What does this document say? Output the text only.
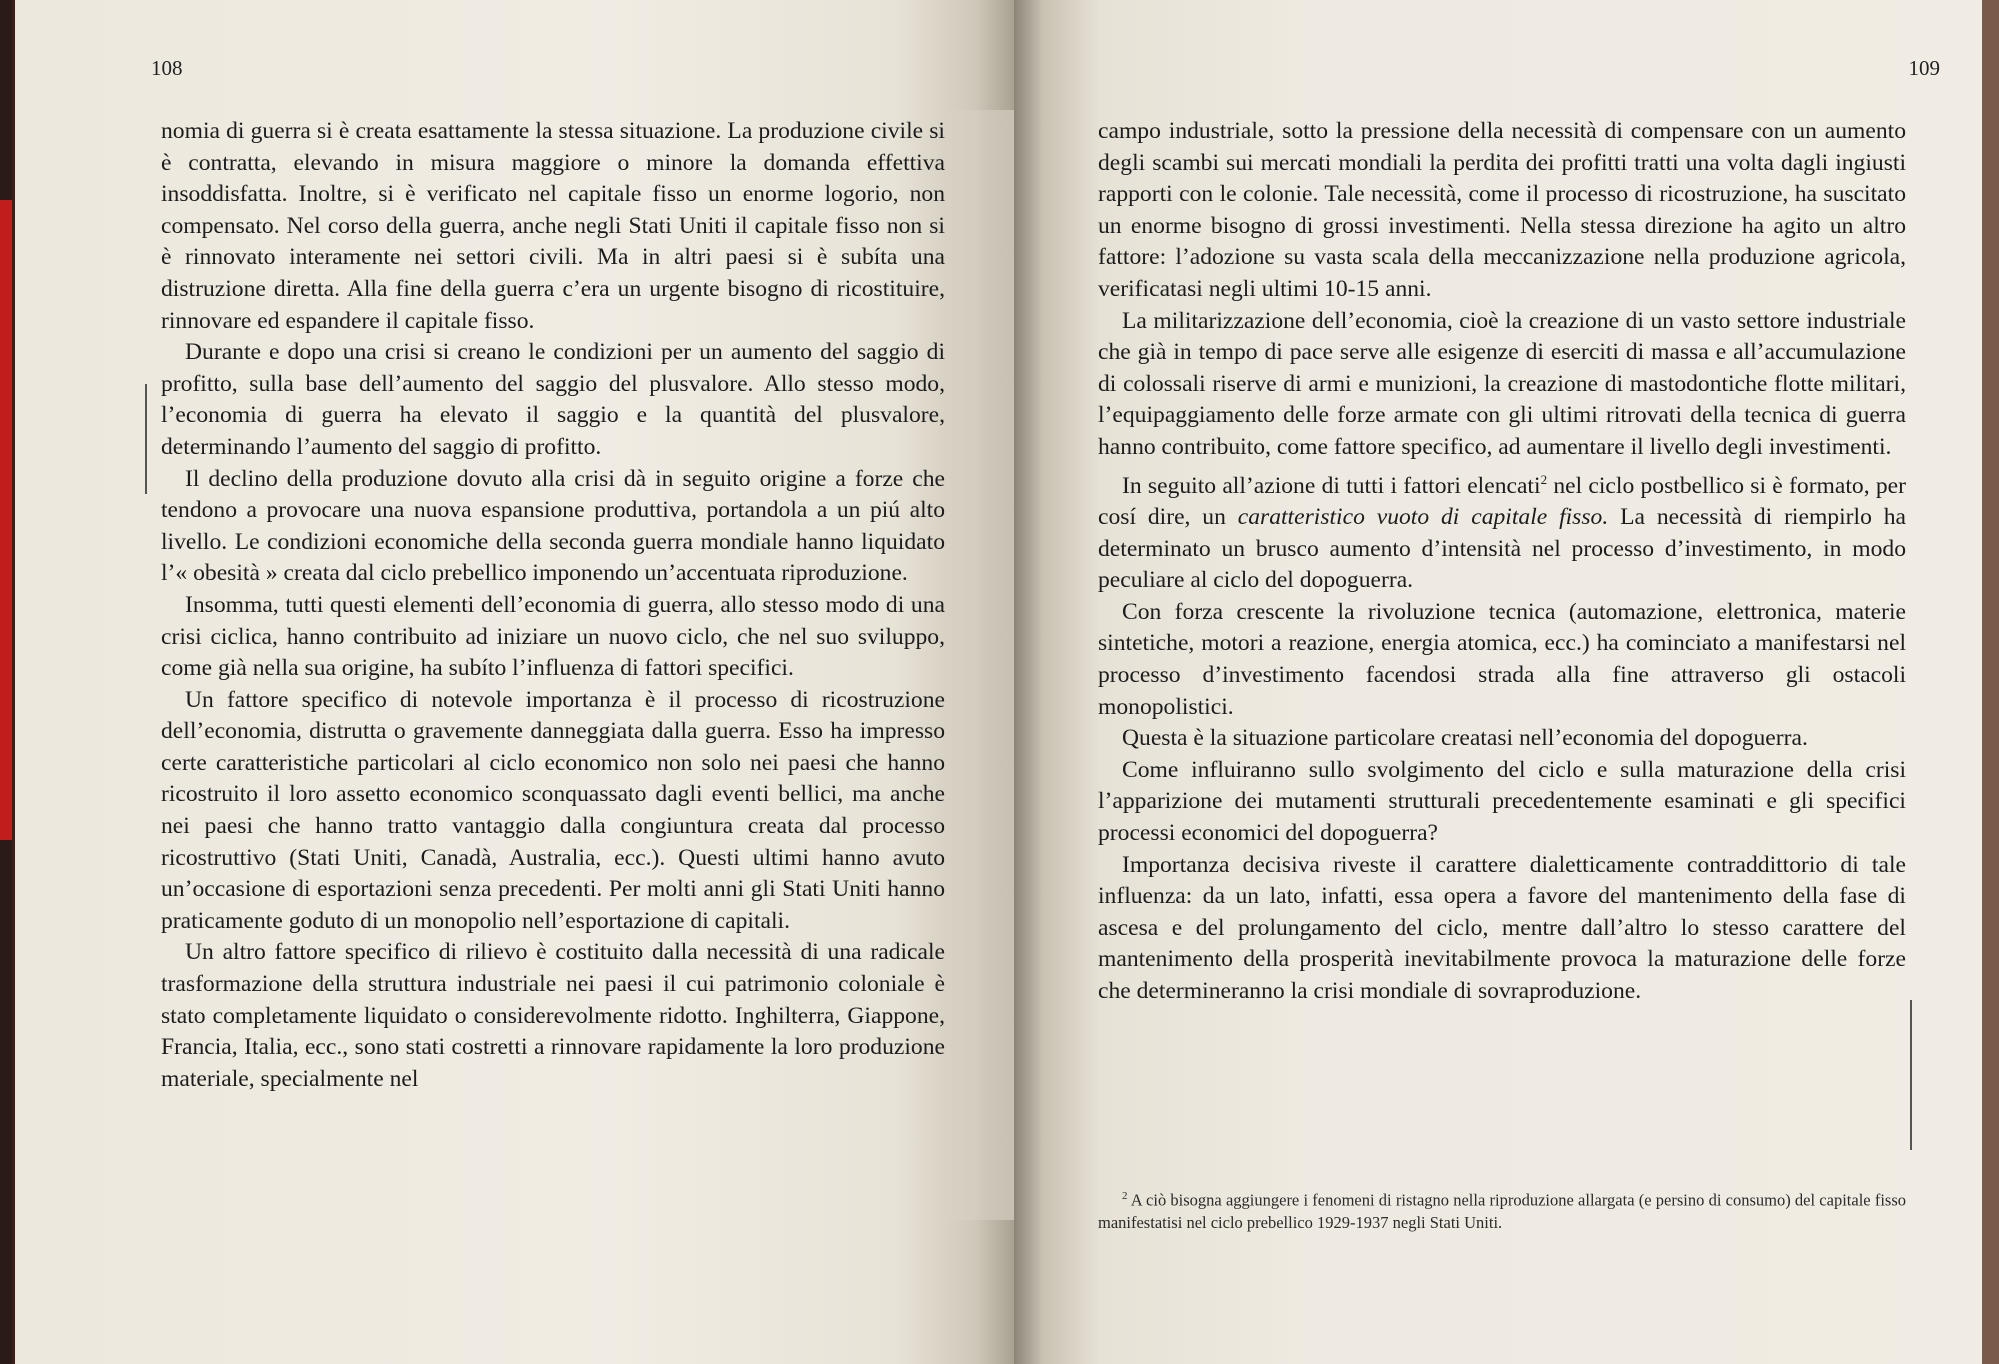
108

nomia di guerra si è creata esattamente la stessa situazione. La produzione civile si è contratta, elevando in misura maggiore o minore la domanda effettiva insoddisfatta. Inoltre, si è verificato nel capitale fisso un enorme logorio, non compensato. Nel corso della guerra, anche negli Stati Uniti il capitale fisso non si è rinnovato interamente nei settori civili. Ma in altri paesi si è subíta una distruzione diretta. Alla fine della guerra c’era un urgente bisogno di ricostituire, rinnovare ed espandere il capitale fisso.

Durante e dopo una crisi si creano le condizioni per un aumento del saggio di profitto, sulla base dell’aumento del saggio del plusvalore. Allo stesso modo, l’economia di guerra ha elevato il saggio e la quantità del plusvalore, determinando l’aumento del saggio di profitto.

Il declino della produzione dovuto alla crisi dà in seguito origine a forze che tendono a provocare una nuova espansione produttiva, portandola a un piú alto livello. Le condizioni economiche della seconda guerra mondiale hanno liquidato l’« obesità » creata dal ciclo prebellico imponendo un’accentuata riproduzione.

Insomma, tutti questi elementi dell’economia di guerra, allo stesso modo di una crisi ciclica, hanno contribuito ad iniziare un nuovo ciclo, che nel suo sviluppo, come già nella sua origine, ha subíto l’influenza di fattori specifici.

Un fattore specifico di notevole importanza è il processo di ricostruzione dell’economia, distrutta o gravemente danneggiata dalla guerra. Esso ha impresso certe caratteristiche particolari al ciclo economico non solo nei paesi che hanno ricostruito il loro assetto economico sconquassato dagli eventi bellici, ma anche nei paesi che hanno tratto vantaggio dalla congiuntura creata dal processo ricostruttivo (Stati Uniti, Canadà, Australia, ecc.). Questi ultimi hanno avuto un’occasione di esportazioni senza precedenti. Per molti anni gli Stati Uniti hanno praticamente goduto di un monopolio nell’esportazione di capitali.

Un altro fattore specifico di rilievo è costituito dalla necessità di una radicale trasformazione della struttura industriale nei paesi il cui patrimonio coloniale è stato completamente liquidato o considerevolmente ridotto. Inghilterra, Giappone, Francia, Italia, ecc., sono stati costretti a rinnovare rapidamente la loro produzione materiale, specialmente nel

109

campo industriale, sotto la pressione della necessità di compensare con un aumento degli scambi sui mercati mondiali la perdita dei profitti tratti una volta dagli ingiusti rapporti con le colonie. Tale necessità, come il processo di ricostruzione, ha suscitato un enorme bisogno di grossi investimenti. Nella stessa direzione ha agito un altro fattore: l’adozione su vasta scala della meccanizzazione nella produzione agricola, verificatasi negli ultimi 10-15 anni.

La militarizzazione dell’economia, cioè la creazione di un vasto settore industriale che già in tempo di pace serve alle esigenze di eserciti di massa e all’accumulazione di colossali riserve di armi e munizioni, la creazione di mastodontiche flotte militari, l’equipaggiamento delle forze armate con gli ultimi ritrovati della tecnica di guerra hanno contribuito, come fattore specifico, ad aumentare il livello degli investimenti.

In seguito all’azione di tutti i fattori elencati$^2$ nel ciclo postbellico si è formato, per cosí dire, un caratteristico vuoto di capitale fisso. La necessità di riempirlo ha determinato un brusco aumento d’intensità nel processo d’investimento, in modo peculiare al ciclo del dopoguerra.

Con forza crescente la rivoluzione tecnica (automazione, elettronica, materie sintetiche, motori a reazione, energia atomica, ecc.) ha cominciato a manifestarsi nel processo d’investimento facendosi strada alla fine attraverso gli ostacoli monopolistici.

Questa è la situazione particolare creatasi nell’economia del dopoguerra.

Come influiranno sullo svolgimento del ciclo e sulla maturazione della crisi l’apparizione dei mutamenti strutturali precedentemente esaminati e gli specifici processi economici del dopoguerra?

Importanza decisiva riveste il carattere dialetticamente contraddittorio di tale influenza: da un lato, infatti, essa opera a favore del mantenimento della fase di ascesa e del prolungamento del ciclo, mentre dall’altro lo stesso carattere del mantenimento della prosperità inevitabilmente provoca la maturazione delle forze che determineranno la crisi mondiale di sovraproduzione.

$^2$ A ciò bisogna aggiungere i fenomeni di ristagno nella riproduzione allargata (e persino di consumo) del capitale fisso manifestatisi nel ciclo prebellico 1929-1937 negli Stati Uniti.
